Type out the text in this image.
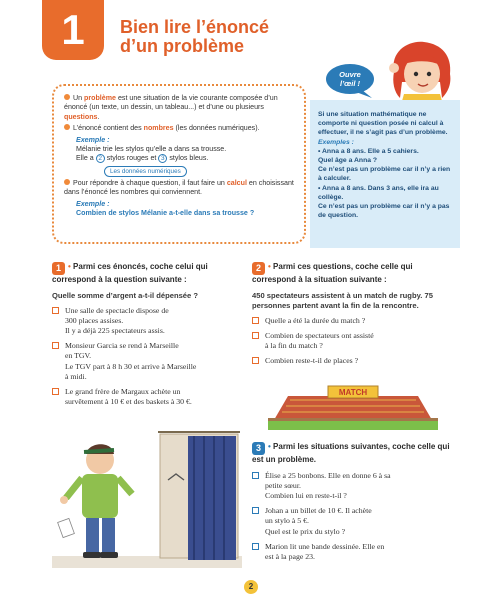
1 Bien lire l’énoncé
d’un problème

Un problème est une situation de la vie courante composée d’un énoncé (un texte, un dessin, un tableau...) et d’une ou plusieurs questions.

L’énoncé contient des nombres (les données numériques).

Exemple :
Mélanie trie les stylos qu’elle a dans sa trousse.
Elle a 2 stylos rouges et 3 stylos bleus.
Les données numériques

Pour répondre à chaque question, il faut faire un calcul en choisissant dans l’énoncé les nombres qui conviennent.

Exemple :
Combien de stylos Mélanie a-t-elle dans sa trousse ?
Ouvre
l’œil !
Si une situation mathématique ne comporte ni question posée ni calcul à effectuer, il ne s’agit pas d’un problème.
Exemples :
• Anna a 8 ans. Elle a 5 cahiers.
Quel âge a Anna ?
Ce n’est pas un problème car il n’y a rien à calculer.
• Anna a 8 ans. Dans 3 ans, elle ira au collège.
Ce n’est pas un problème car il n’y a pas de question.
1 • Parmi ces énoncés, coche celui qui correspond à la question suivante :
Quelle somme d’argent a-t-il dépensée ?
Une salle de spectacle dispose de
300 places assises.
Il y a déjà 225 spectateurs assis.
Monsieur Garcia se rend à Marseille
en TGV.
Le TGV part à 8 h 30 et arrive à Marseille
à midi.
Le grand frère de Margaux achète un
survêtement à 10 € et des baskets à 30 €.
2 • Parmi ces questions, coche celle qui correspond à la situation suivante :
450 spectateurs assistent à un match de rugby. 75 personnes partent avant la fin de la rencontre.
Quelle a été la durée du match ?
Combien de spectateurs ont assisté
à la fin du match ?
Combien reste-t-il de places ?
MATCH
3 • Parmi les situations suivantes, coche celle qui est un problème.
Élise a 25 bonbons. Elle en donne 6 à sa
petite sœur.
Combien lui en reste-t-il ?
Johan a un billet de 10 €. Il achète
un stylo à 5 €.
Quel est le prix du stylo ?
Marion lit une bande dessinée. Elle en
est à la page 23.
2
